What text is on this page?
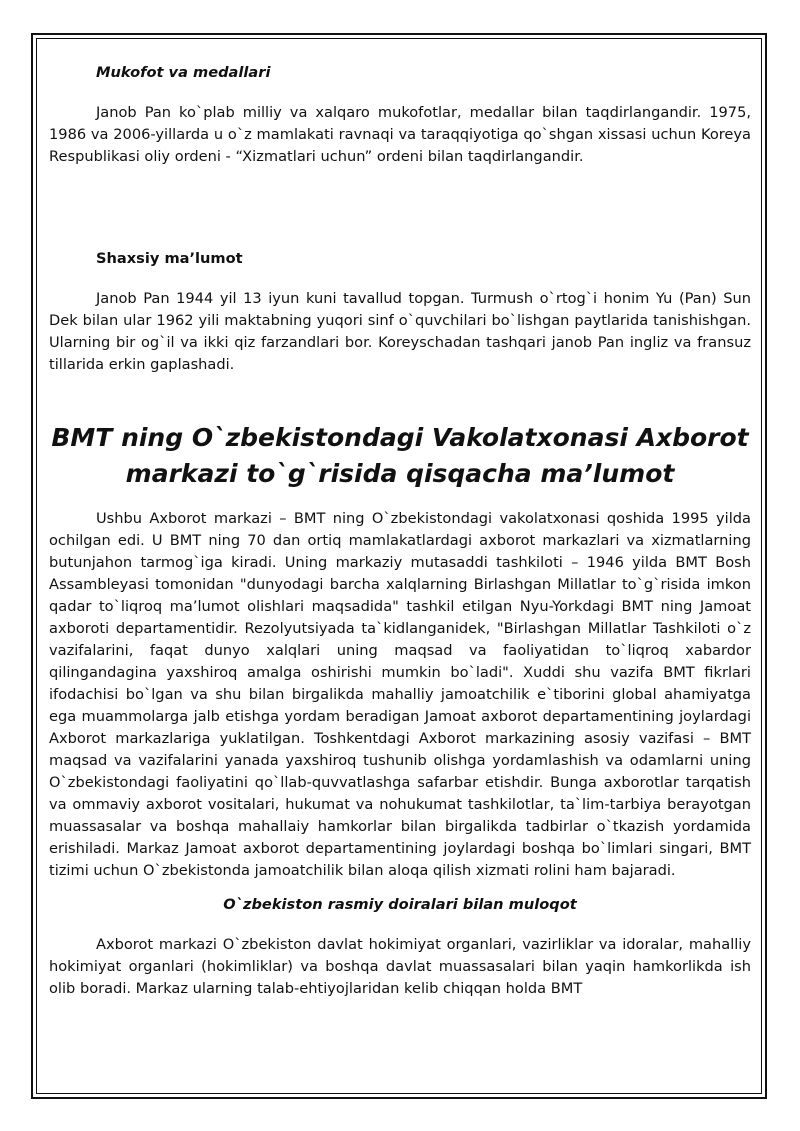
Mukofot va medallari

Janob Pan ko`plab milliy va xalqaro mukofotlar, medallar bilan taqdirlangandir. 1975, 1986 va 2006-yillarda u o`z mamlakati ravnaqi va taraqqiyotiga qo`shgan xissasi uchun Koreya Respublikasi oliy ordeni - “Xizmatlari uchun” ordeni bilan taqdirlangandir.

Shaxsiy ma’lumot

Janob Pan 1944 yil 13 iyun kuni tavallud topgan. Turmush o`rtog`i honim Yu (Pan) Sun Dek bilan ular 1962 yili maktabning yuqori sinf o`quvchilari bo`lishgan paytlarida tanishishgan. Ularning bir og`il va ikki qiz farzandlari bor. Koreyschadan tashqari janob Pan ingliz va fransuz tillarida erkin gaplashadi.

BMT ning O`zbekistondagi Vakolatxonasi Axborot

markazi to`g`risida qisqacha ma’lumot

Ushbu Axborot markazi – BMT ning O`zbekistondagi vakolatxonasi qoshida 1995 yilda ochilgan edi. U BMT ning 70 dan ortiq mamlakatlardagi axborot markazlari va xizmatlarning butunjahon tarmog`iga kiradi. Uning markaziy mutasaddi tashkiloti – 1946 yilda BMT Bosh Assambleyasi tomonidan "dunyodagi barcha xalqlarning Birlashgan Millatlar to`g`risida imkon qadar to`liqroq ma’lumot olishlari maqsadida" tashkil etilgan Nyu-Yorkdagi BMT ning Jamoat axboroti departamentidir. Rezolyutsiyada ta`kidlanganidek, "Birlashgan Millatlar Tashkiloti o`z vazifalarini, faqat dunyo xalqlari uning maqsad va faoliyatidan to`liqroq xabardor qilingandagina yaxshiroq amalga oshirishi mumkin bo`ladi". Xuddi shu vazifa BMT fikrlari ifodachisi bo`lgan va shu bilan birgalikda mahalliy jamoatchilik e`tiborini global ahamiyatga ega muammolarga jalb etishga yordam beradigan Jamoat axborot departamentining joylardagi Axborot markazlariga yuklatilgan. Toshkentdagi Axborot markazining asosiy vazifasi – BMT maqsad va vazifalarini yanada yaxshiroq tushunib olishga yordamlashish va odamlarni uning O`zbekistondagi faoliyatini qo`llab-quvvatlashga safarbar etishdir. Bunga axborotlar tarqatish va ommaviy axborot vositalari, hukumat va nohukumat tashkilotlar, ta`lim-tarbiya berayotgan muassasalar va boshqa mahallaiy hamkorlar bilan birgalikda tadbirlar o`tkazish yordamida erishiladi. Markaz Jamoat axborot departamentining joylardagi boshqa bo`limlari singari, BMT tizimi uchun O`zbekistonda jamoatchilik bilan aloqa qilish xizmati rolini ham bajaradi.

O`zbekiston rasmiy doiralari bilan muloqot

Axborot markazi O`zbekiston davlat hokimiyat organlari, vazirliklar va idoralar, mahalliy hokimiyat organlari (hokimliklar) va boshqa davlat muassasalari bilan yaqin hamkorlikda ish olib boradi. Markaz ularning talab-ehtiyojlaridan kelib chiqqan holda BMT
